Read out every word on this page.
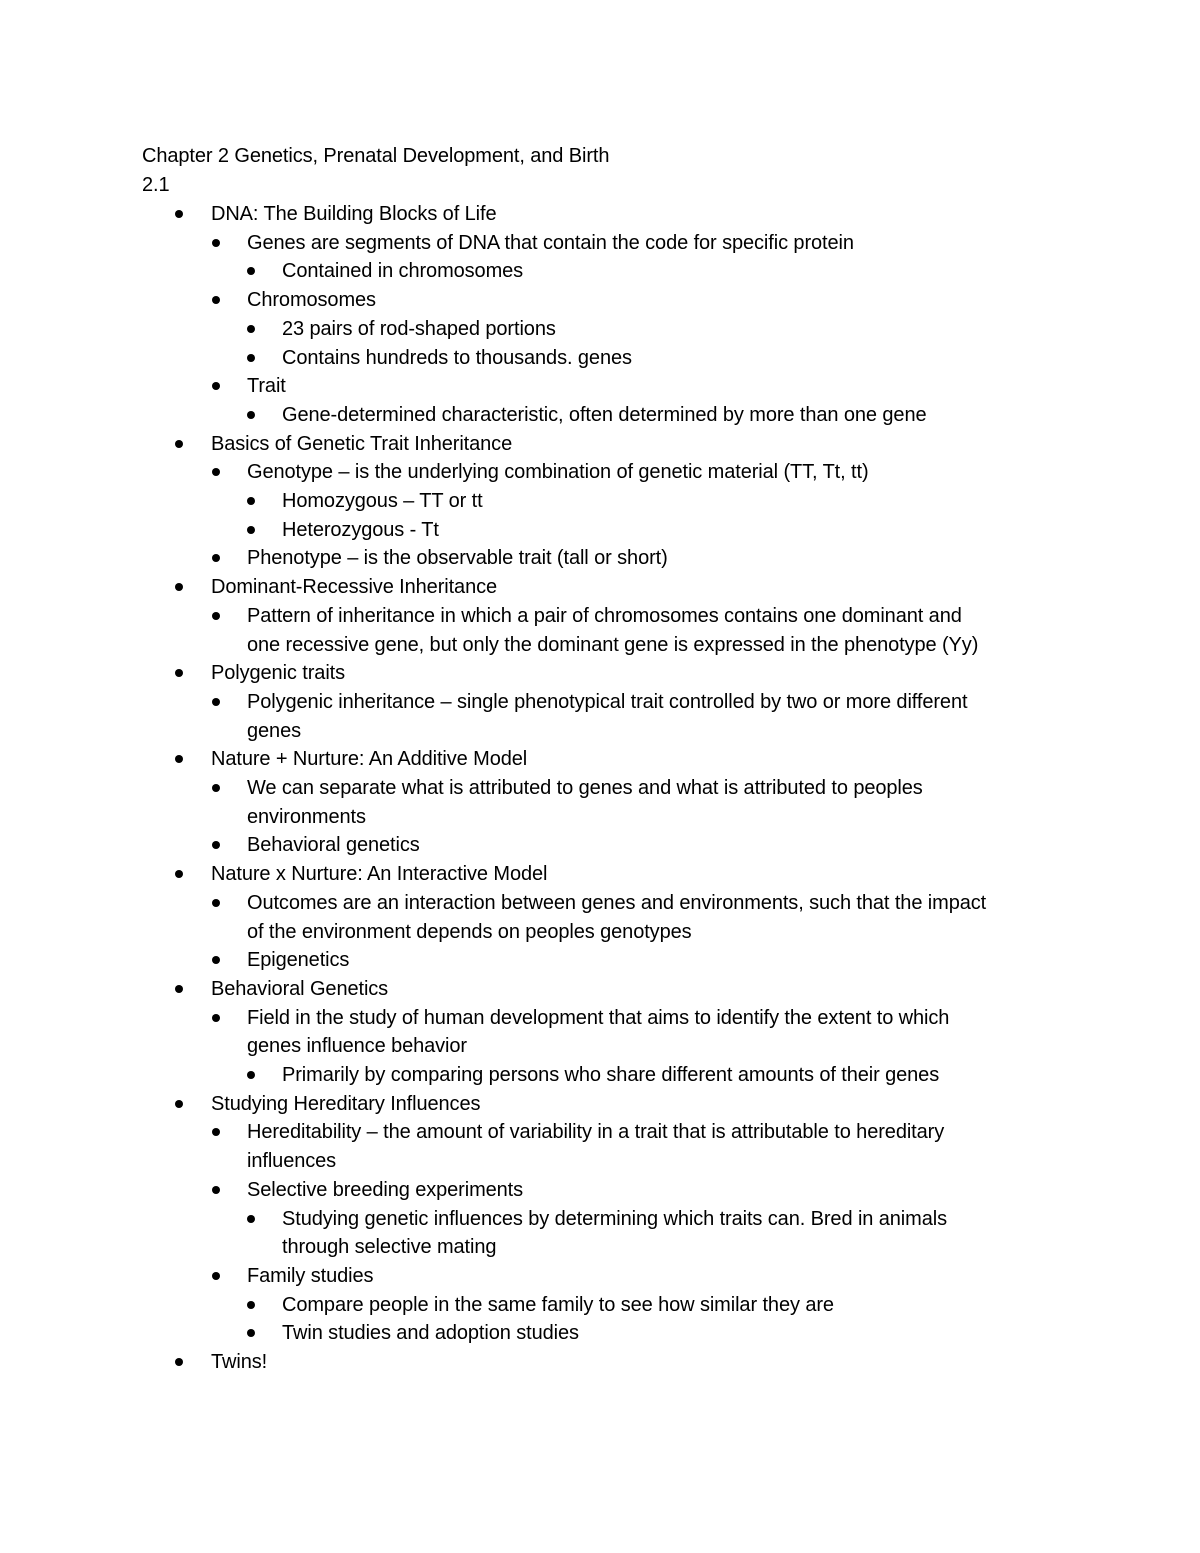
Chapter 2 Genetics, Prenatal Development, and Birth
2.1
DNA: The Building Blocks of Life
Genes are segments of DNA that contain the code for specific protein
Contained in chromosomes
Chromosomes
23 pairs of rod-shaped portions
Contains hundreds to thousands. genes
Trait
Gene-determined characteristic, often determined by more than one gene
Basics of Genetic Trait Inheritance
Genotype – is the underlying combination of genetic material (TT, Tt, tt)
Homozygous – TT or tt
Heterozygous - Tt
Phenotype – is the observable trait (tall or short)
Dominant-Recessive Inheritance
Pattern of inheritance in which a pair of chromosomes contains one dominant and
one recessive gene, but only the dominant gene is expressed in the phenotype (Yy)
Polygenic traits
Polygenic inheritance – single phenotypical trait controlled by two or more different
genes
Nature + Nurture: An Additive Model
We can separate what is attributed to genes and what is attributed to peoples
environments
Behavioral genetics
Nature x Nurture: An Interactive Model
Outcomes are an interaction between genes and environments, such that the impact
of the environment depends on peoples genotypes
Epigenetics
Behavioral Genetics
Field in the study of human development that aims to identify the extent to which
genes influence behavior
Primarily by comparing persons who share different amounts of their genes
Studying Hereditary Influences
Hereditability – the amount of variability in a trait that is attributable to hereditary
influences
Selective breeding experiments
Studying genetic influences by determining which traits can. Bred in animals
through selective mating
Family studies
Compare people in the same family to see how similar they are
Twin studies and adoption studies
Twins!
